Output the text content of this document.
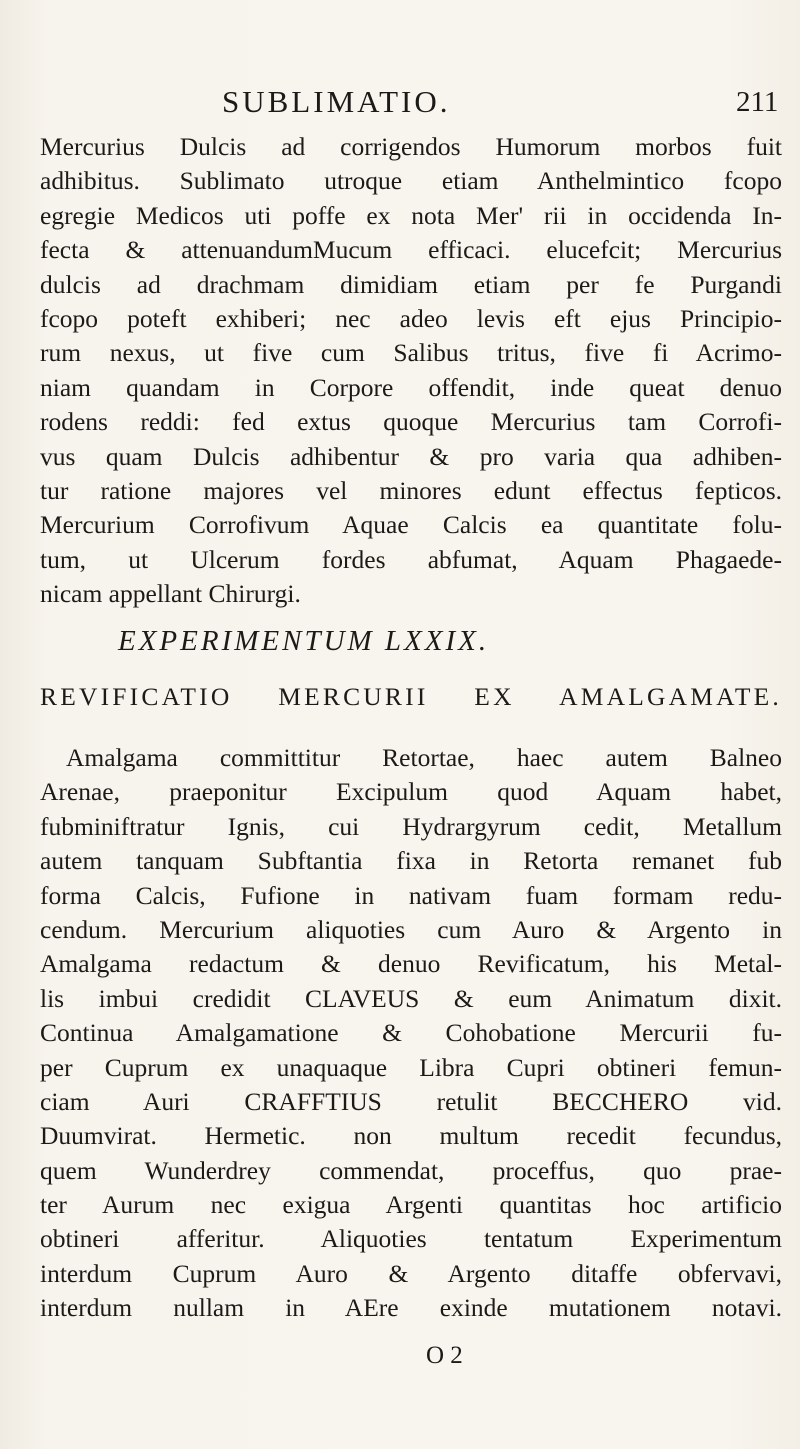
SUBLIMATIO.	211
Mercurius Dulcis ad corrigendos Humorum morbos fuit
adhibitus. Sublimato utroque etiam Anthelmintico fcopo
egregie Medicos uti poffe ex nota Mer' rii in occidenda In-
fecta & attenuandumMucum efficaci. elucefcit; Mercurius
dulcis ad drachmam dimidiam etiam per fe Purgandi
fcopo poteft exhiberi; nec adeo levis eft ejus Principio-
rum nexus, ut five cum Salibus tritus, five fi Acrimo-
niam quandam in Corpore offendit, inde queat denuo
rodens reddi: fed extus quoque Mercurius tam Corrofi-
vus quam Dulcis adhibentur & pro varia qua adhiben-
tur ratione majores vel minores edunt effectus fepticos.
Mercurium Corrofivum Aquae Calcis ea quantitate folu-
tum, ut Ulcerum fordes abfumat, Aquam Phagaede-
nicam appellant Chirurgi.
EXPERIMENTUM LXXIX.
REVIFICATIO MERCURII EX AMALGAMATE.
Amalgama committitur Retortae, haec autem Balneo
Arenae, praeponitur Excipulum quod Aquam habet,
fubminiftratur Ignis, cui Hydrargyrum cedit, Metallum
autem tanquam Subftantia fixa in Retorta remanet fub
forma Calcis, Fufione in nativam fuam formam redu-
cendum. Mercurium aliquoties cum Auro & Argento in
Amalgama redactum & denuo Revificatum, his Metal-
lis imbui credidit CLAVEUS & eum Animatum dixit.
Continua Amalgamatione & Cohobatione Mercurii fu-
per Cuprum ex unaquaque Libra Cupri obtineri femun-
ciam Auri CRAFFTIUS retulit BECCHERO vid.
Duumvirat. Hermetic. non multum recedit fecundus,
quem Wunderdrey commendat, proceffus, quo prae-
ter Aurum nec exigua Argenti quantitas hoc artificio
obtineri afferitur. Aliquoties tentatum Experimentum
interdum Cuprum Auro & Argento ditaffe obfervavi,
interdum nullam in AEre exinde mutationem notavi.
O 2
